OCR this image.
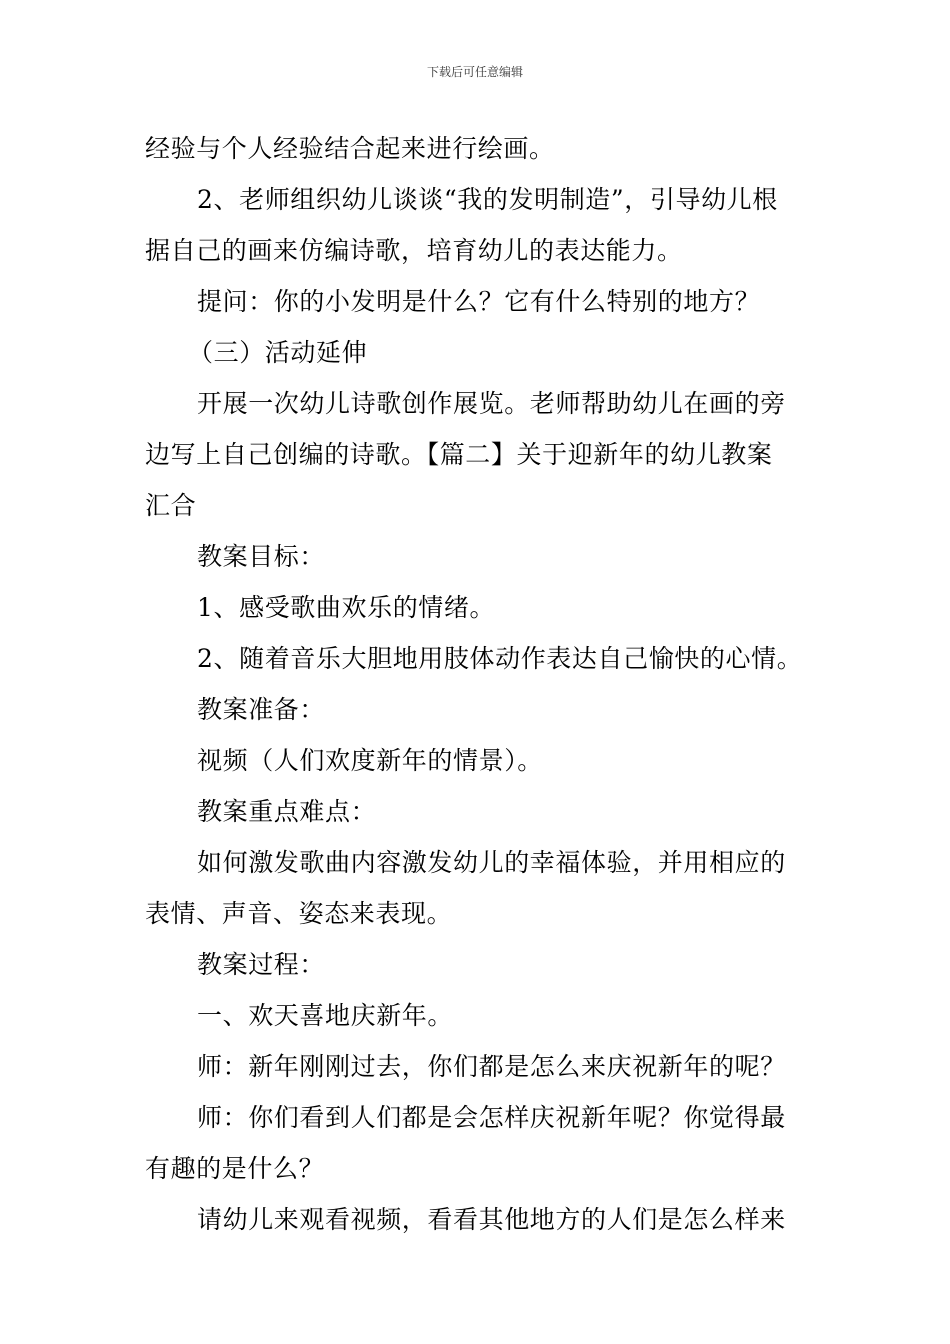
下载后可任意编辑

经验与个人经验结合起来进行绘画。

2、老师组织幼儿谈谈“我的发明制造”，引导幼儿根

据自己的画来仿编诗歌，培育幼儿的表达能力。

提问：你的小发明是什么？它有什么特别的地方？

（三）活动延伸

开展一次幼儿诗歌创作展览。老师帮助幼儿在画的旁

边写上自己创编的诗歌。【篇二】关于迎新年的幼儿教案

汇合

教案目标：

1、感受歌曲欢乐的情绪。

2、随着音乐大胆地用肢体动作表达自己愉快的心情。

教案准备：

视频（人们欢度新年的情景）。

教案重点难点：

如何激发歌曲内容激发幼儿的幸福体验，并用相应的

表情、声音、姿态来表现。

教案过程：

一、欢天喜地庆新年。

师：新年刚刚过去，你们都是怎么来庆祝新年的呢？

师：你们看到人们都是会怎样庆祝新年呢？你觉得最

有趣的是什么？

请幼儿来观看视频，看看其他地方的人们是怎么样来
